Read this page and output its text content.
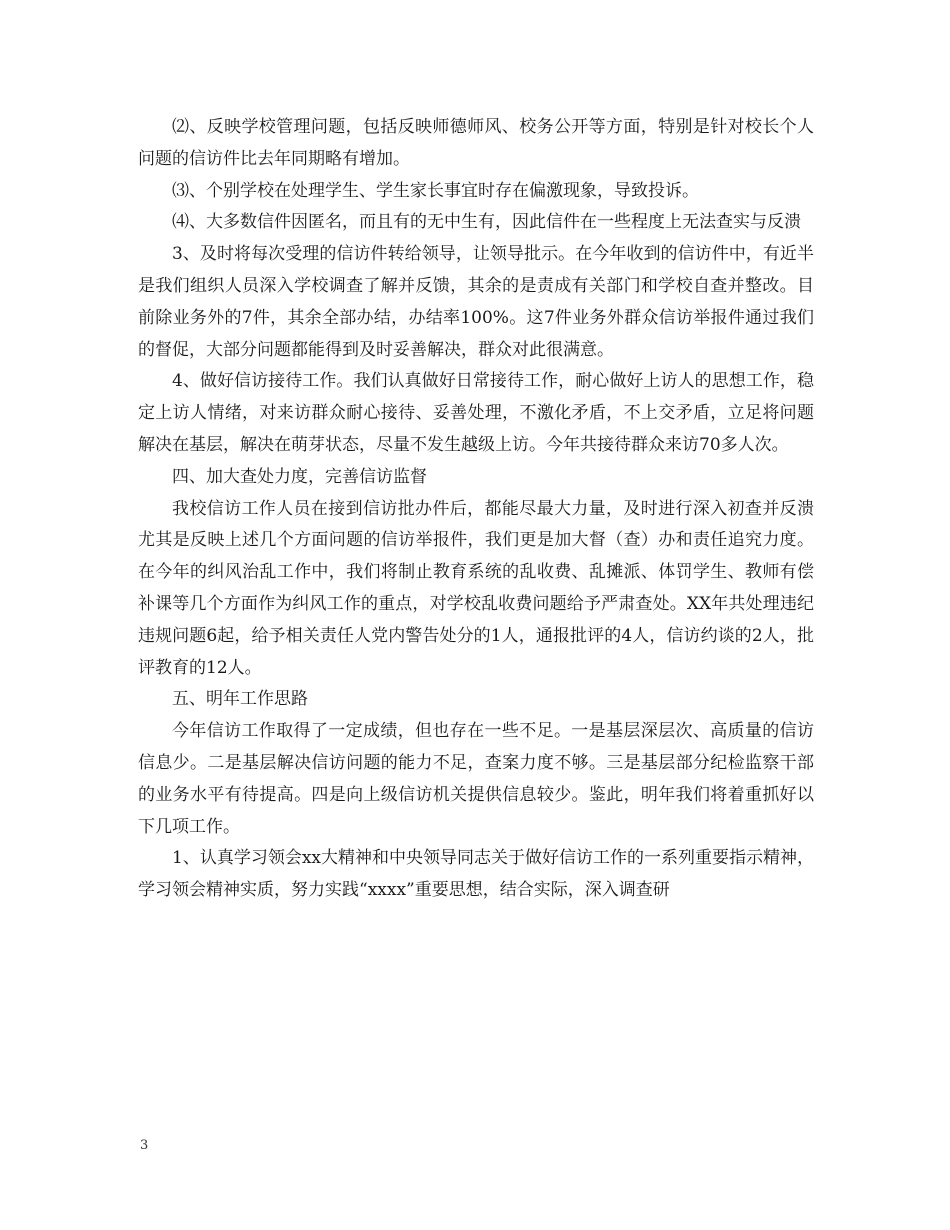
⑵、反映学校管理问题，包括反映师德师风、校务公开等方面，特别是针对校长个人问题的信访件比去年同期略有增加。

⑶、个别学校在处理学生、学生家长事宜时存在偏激现象，导致投诉。

⑷、大多数信件因匿名，而且有的无中生有，因此信件在一些程度上无法查实与反溃

3、及时将每次受理的信访件转给领导，让领导批示。在今年收到的信访件中，有近半是我们组织人员深入学校调查了解并反馈，其余的是责成有关部门和学校自查并整改。目前除业务外的7件，其余全部办结，办结率100%。这7件业务外群众信访举报件通过我们的督促，大部分问题都能得到及时妥善解决，群众对此很满意。

4、做好信访接待工作。我们认真做好日常接待工作，耐心做好上访人的思想工作，稳定上访人情绪，对来访群众耐心接待、妥善处理，不激化矛盾，不上交矛盾，立足将问题解决在基层，解决在萌芽状态，尽量不发生越级上访。今年共接待群众来访70多人次。

四、加大查处力度，完善信访监督

我校信访工作人员在接到信访批办件后，都能尽最大力量，及时进行深入初查并反溃尤其是反映上述几个方面问题的信访举报件，我们更是加大督（查）办和责任追究力度。在今年的纠风治乱工作中，我们将制止教育系统的乱收费、乱摊派、体罚学生、教师有偿补课等几个方面作为纠风工作的重点，对学校乱收费问题给予严肃查处。XX年共处理违纪违规问题6起，给予相关责任人党内警告处分的1人，通报批评的4人，信访约谈的2人，批评教育的12人。

五、明年工作思路

今年信访工作取得了一定成绩，但也存在一些不足。一是基层深层次、高质量的信访信息少。二是基层解决信访问题的能力不足，查案力度不够。三是基层部分纪检监察干部的业务水平有待提高。四是向上级信访机关提供信息较少。鉴此，明年我们将着重抓好以下几项工作。

1、认真学习领会xx大精神和中央领导同志关于做好信访工作的一系列重要指示精神，学习领会精神实质，努力实践“xxxx”重要思想，结合实际，深入调查研

3
